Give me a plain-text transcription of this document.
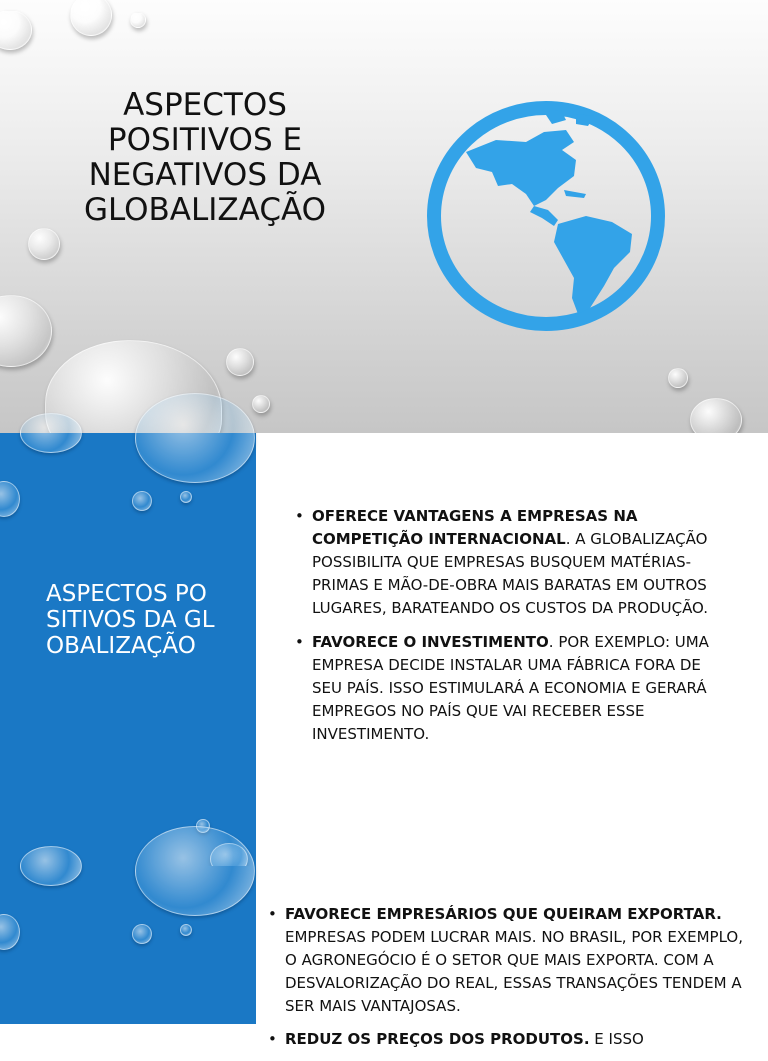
ASPECTOS POSITIVOS E NEGATIVOS DA GLOBALIZAÇÃO
ASPECTOS POSITIVOS DA GLOBALIZAÇÃO
• OFERECE VANTAGENS A EMPRESAS NA COMPETIÇÃO INTERNACIONAL. A GLOBALIZAÇÃO POSSIBILITA QUE EMPRESAS BUSQUEM MATÉRIAS-PRIMAS E MÃO-DE-OBRA MAIS BARATAS EM OUTROS LUGARES, BARATEANDO OS CUSTOS DA PRODUÇÃO.
• FAVORECE O INVESTIMENTO. POR EXEMPLO: UMA EMPRESA DECIDE INSTALAR UMA FÁBRICA FORA DE SEU PAÍS. ISSO ESTIMULARÁ A ECONOMIA E GERARÁ EMPREGOS NO PAÍS QUE VAI RECEBER ESSE INVESTIMENTO.
• FAVORECE EMPRESÁRIOS QUE QUEIRAM EXPORTAR. EMPRESAS PODEM LUCRAR MAIS. NO BRASIL, POR EXEMPLO, O AGRONEGÓCIO É O SETOR QUE MAIS EXPORTA. COM A DESVALORIZAÇÃO DO REAL, ESSAS TRANSAÇÕES TENDEM A SER MAIS VANTAJOSAS.
• REDUZ OS PREÇOS DOS PRODUTOS. E ISSO
